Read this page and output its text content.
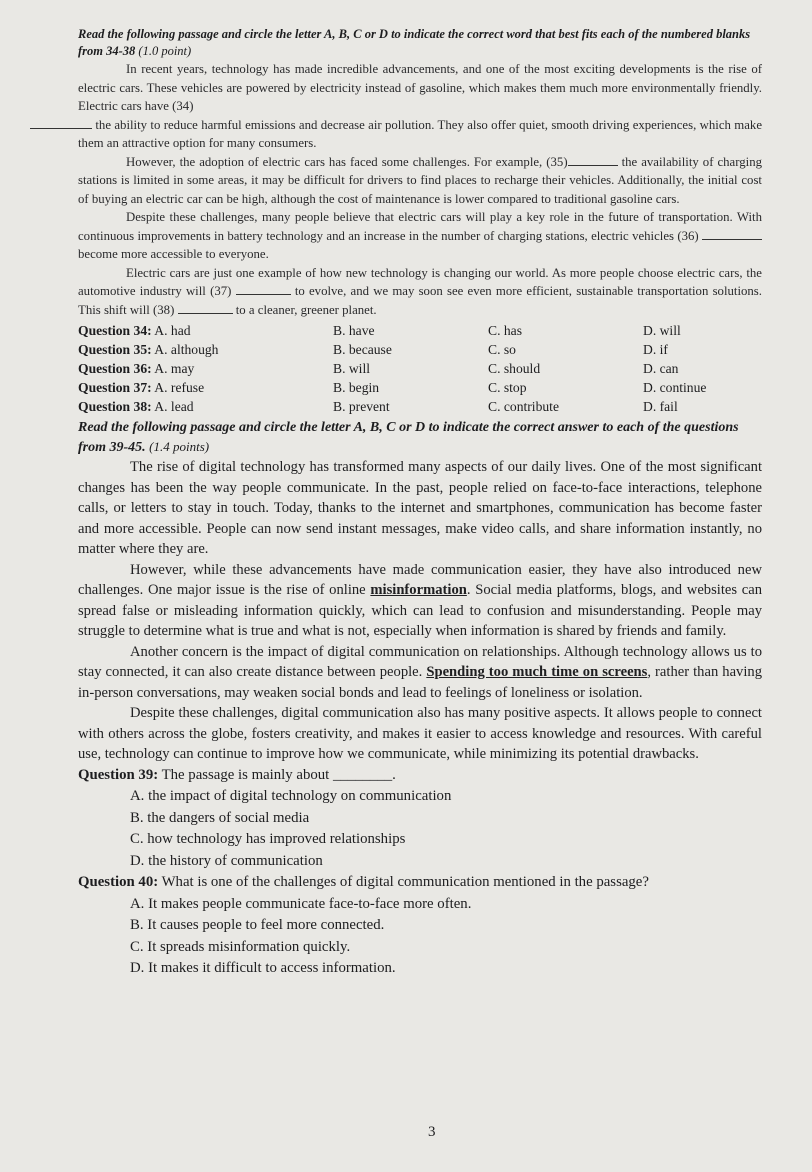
Read the following passage and circle the letter A, B, C or D to indicate the correct word that best fits each of the numbered blanks from 34-38 (1.0 point)

In recent years, technology has made incredible advancements, and one of the most exciting developments is the rise of electric cars. These vehicles are powered by electricity instead of gasoline, which makes them much more environmentally friendly. Electric cars have (34)
the ability to reduce harmful emissions and decrease air pollution. They also offer quiet, smooth driving experiences, which make them an attractive option for many consumers.

However, the adoption of electric cars has faced some challenges. For example, (35)	the availability of charging stations is limited in some areas, it may be difficult for drivers to find places to recharge their vehicles. Additionally, the initial cost of buying an electric car can be high, although the cost of maintenance is lower compared to traditional gasoline cars.

Despite these challenges, many people believe that electric cars will play a key role in the future of transportation. With continuous improvements in battery technology and an increase in the number of charging stations, electric vehicles (36)  become more accessible to everyone.

Electric cars are just one example of how new technology is changing our world. As more people choose electric cars, the automotive industry will (37)	to evolve, and we may soon see even more efficient, sustainable transportation solutions. This shift will (38)	to a cleaner, greener planet.

Question 34: A. had	B. have	C. has	D. will
Question 35: A. although	B. because	C. so	D. if
Question 36: A. may	B. will	C. should	D. can
Question 37: A. refuse	B. begin	C. stop	D. continue
Question 38: A. lead	B. prevent	C. contribute	D. fail

Read the following passage and circle the letter A, B, C or D to indicate the correct answer to each of the questions from 39-45. (1.4 points)

The rise of digital technology has transformed many aspects of our daily lives. One of the most significant changes has been the way people communicate. In the past, people relied on face-to-face interactions, telephone calls, or letters to stay in touch. Today, thanks to the internet and smartphones, communication has become faster and more accessible. People can now send instant messages, make video calls, and share information instantly, no matter where they are.

However, while these advancements have made communication easier, they have also introduced new challenges. One major issue is the rise of online misinformation. Social media platforms, blogs, and websites can spread false or misleading information quickly, which can lead to confusion and misunderstanding. People may struggle to determine what is true and what is not, especially when information is shared by friends and family.

Another concern is the impact of digital communication on relationships. Although technology allows us to stay connected, it can also create distance between people. Spending too much time on screens, rather than having in-person conversations, may weaken social bonds and lead to feelings of loneliness or isolation.

Despite these challenges, digital communication also has many positive aspects. It allows people to connect with others across the globe, fosters creativity, and makes it easier to access knowledge and resources. With careful use, technology can continue to improve how we communicate, while minimizing its potential drawbacks.

Question 39: The passage is mainly about ________.

A. the impact of digital technology on communication

B. the dangers of social media

C. how technology has improved relationships

D. the history of communication

Question 40: What is one of the challenges of digital communication mentioned in the passage?

A. It makes people communicate face-to-face more often.

B. It causes people to feel more connected.

C. It spreads misinformation quickly.

D. It makes it difficult to access information.

3
